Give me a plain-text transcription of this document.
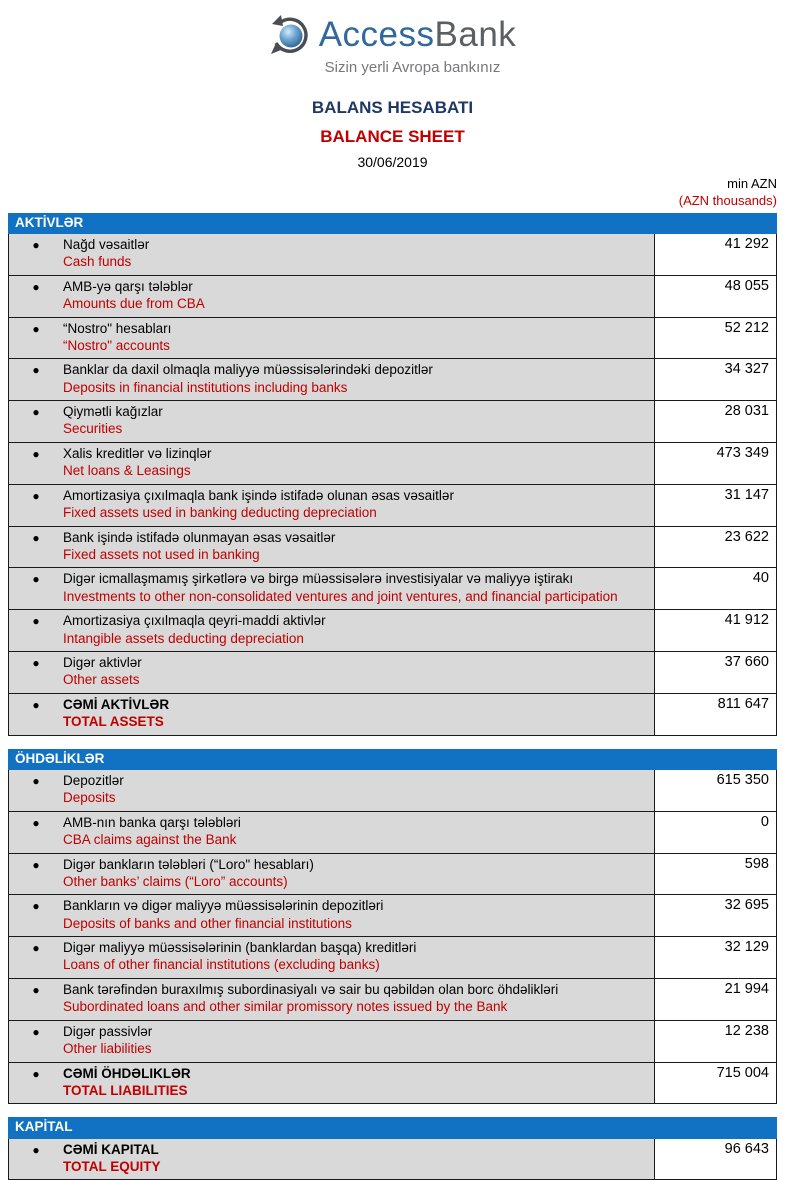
AccessBank
Sizin yerli Avropa bankınız
BALANS HESABATI
BALANCE SHEET
30/06/2019
min AZN
(AZN thousands)
AKTİVLƏR
●	Nağd vəsaitlər
Cash funds
41 292
●	AMB-yə qarşı tələblər
Amounts due from CBA
48 055
●	“Nostro" hesabları
“Nostro" accounts
52 212
●	Banklar da daxil olmaqla maliyyə müəssisələrindəki depozitlər
Deposits in financial institutions including banks
34 327
●	Qiymətli kağızlar
Securities
28 031
●	Xalis kreditlər və lizinqlər
Net loans & Leasings
473 349
●	Amortizasiya çıxılmaqla bank işində istifadə olunan əsas vəsaitlər
Fixed assets used in banking deducting depreciation
31 147
●	Bank işində istifadə olunmayan əsas vəsaitlər
Fixed assets not used in banking
23 622
●	Digər icmallaşmamış şirkətlərə və birgə müəssisələrə investisiyalar və maliyyə iştirakı
Investments to other non-consolidated ventures and joint ventures, and financial participation
40
●	Amortizasiya çıxılmaqla qeyri-maddi aktivlər
Intangible assets deducting depreciation
41 912
●	Digər aktivlər
Other assets
37 660
●	CƏMİ AKTİVLƏR
TOTAL ASSETS
811 647
ÖHDƏLİKLƏR
●	Depozitlər
Deposits
615 350
●	AMB-nın banka qarşı tələbləri
CBA claims against the Bank
0
●	Digər bankların tələbləri (“Loro" hesabları)
Other banks’ claims (“Loro” accounts)
598
●	Bankların və digər maliyyə müəssisələrinin depozitləri
Deposits of banks and other financial institutions
32 695
●	Digər maliyyə müəssisələrinin (banklardan başqa) kreditləri
Loans of other financial institutions (excluding banks)
32 129
●	Bank tərəfindən buraxılmış subordinasiyalı və sair bu qəbildən olan borc öhdəlikləri
Subordinated loans and other similar promissory notes issued by the Bank
21 994
●	Digər passivlər
Other liabilities
12 238
●	CƏMİ ÖHDƏLIKLƏR
TOTAL LIABILITIES
715 004
KAPİTAL
●	CƏMİ KAPITAL
TOTAL EQUITY
96 643
